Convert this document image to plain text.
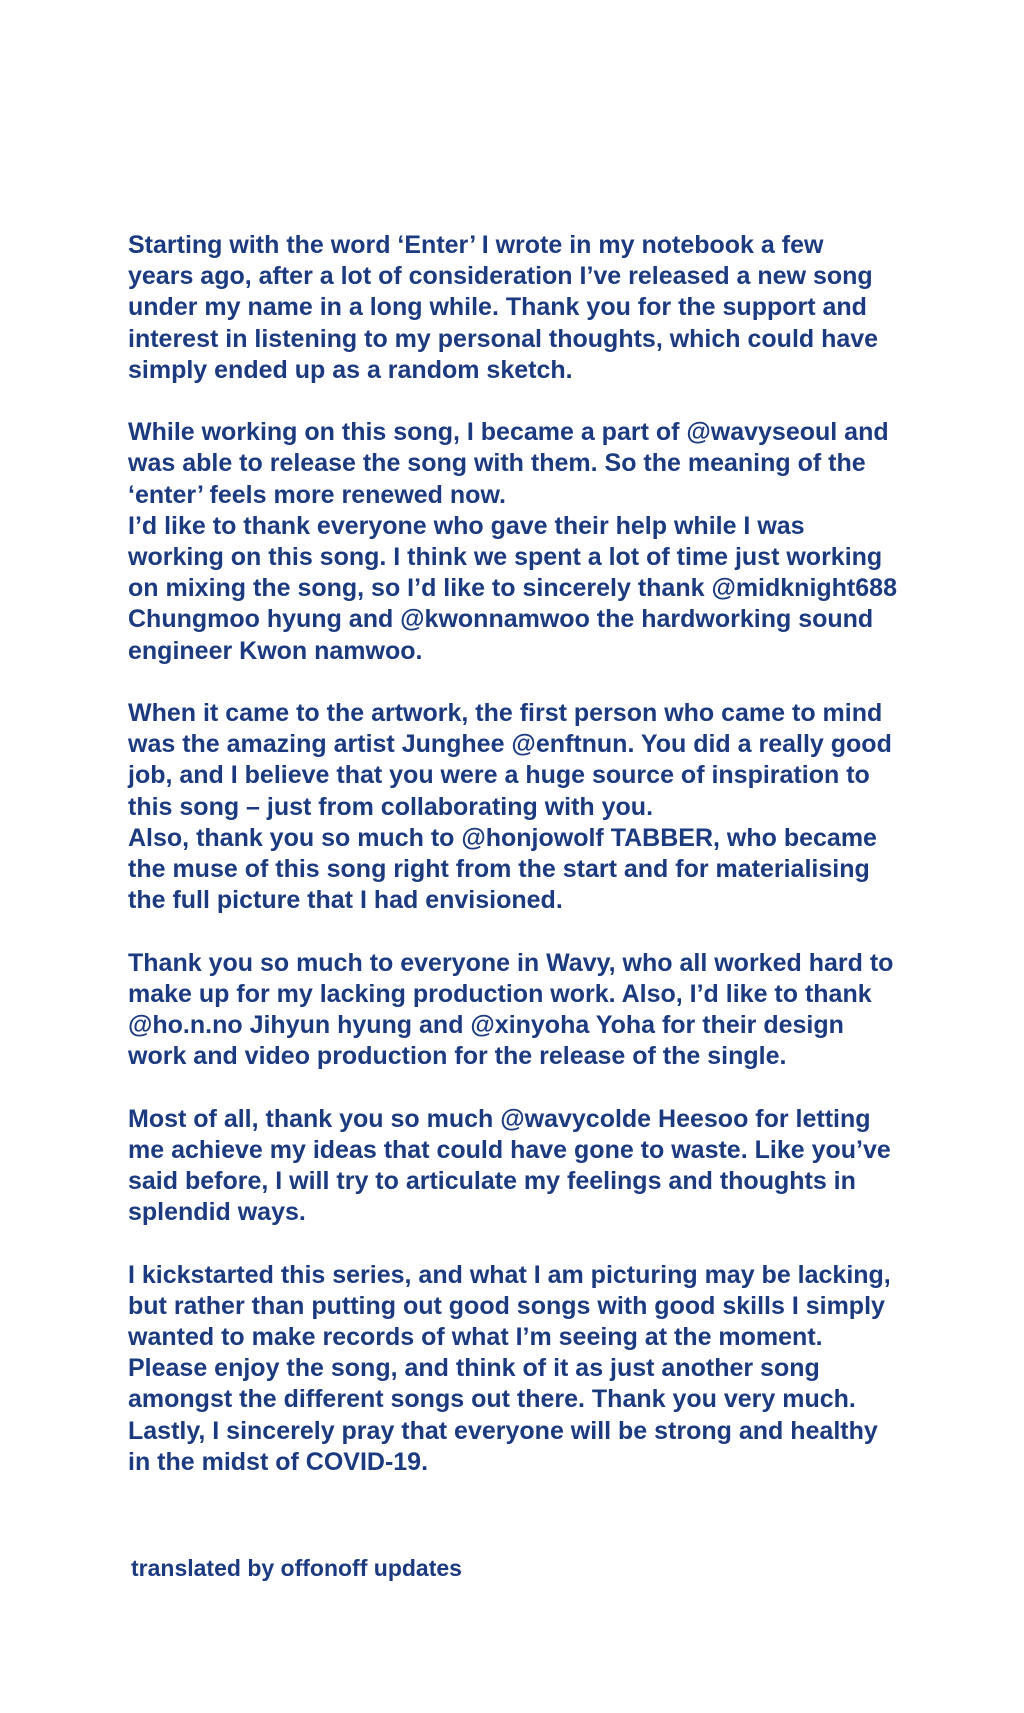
Starting with the word ‘Enter’ I wrote in my notebook a few
years ago, after a lot of consideration I’ve released a new song
under my name in a long while. Thank you for the support and
interest in listening to my personal thoughts, which could have
simply ended up as a random sketch.

While working on this song, I became a part of @wavyseoul and
was able to release the song with them. So the meaning of the
‘enter’ feels more renewed now.
I’d like to thank everyone who gave their help while I was
working on this song. I think we spent a lot of time just working
on mixing the song, so I’d like to sincerely thank @midknight688
Chungmoo hyung and @kwonnamwoo the hardworking sound
engineer Kwon namwoo.

When it came to the artwork, the first person who came to mind
was the amazing artist Junghee @enftnun. You did a really good
job, and I believe that you were a huge source of inspiration to
this song – just from collaborating with you.
Also, thank you so much to @honjowolf TABBER, who became
the muse of this song right from the start and for materialising
the full picture that I had envisioned.

Thank you so much to everyone in Wavy, who all worked hard to
make up for my lacking production work. Also, I’d like to thank
@ho.n.no Jihyun hyung and @xinyoha Yoha for their design
work and video production for the release of the single.

Most of all, thank you so much @wavycolde Heesoo for letting
me achieve my ideas that could have gone to waste. Like you’ve
said before, I will try to articulate my feelings and thoughts in
splendid ways.

I kickstarted this series, and what I am picturing may be lacking,
but rather than putting out good songs with good skills I simply
wanted to make records of what I’m seeing at the moment.
Please enjoy the song, and think of it as just another song
amongst the different songs out there. Thank you very much.
Lastly, I sincerely pray that everyone will be strong and healthy
in the midst of COVID-19.

translated by offonoff updates
